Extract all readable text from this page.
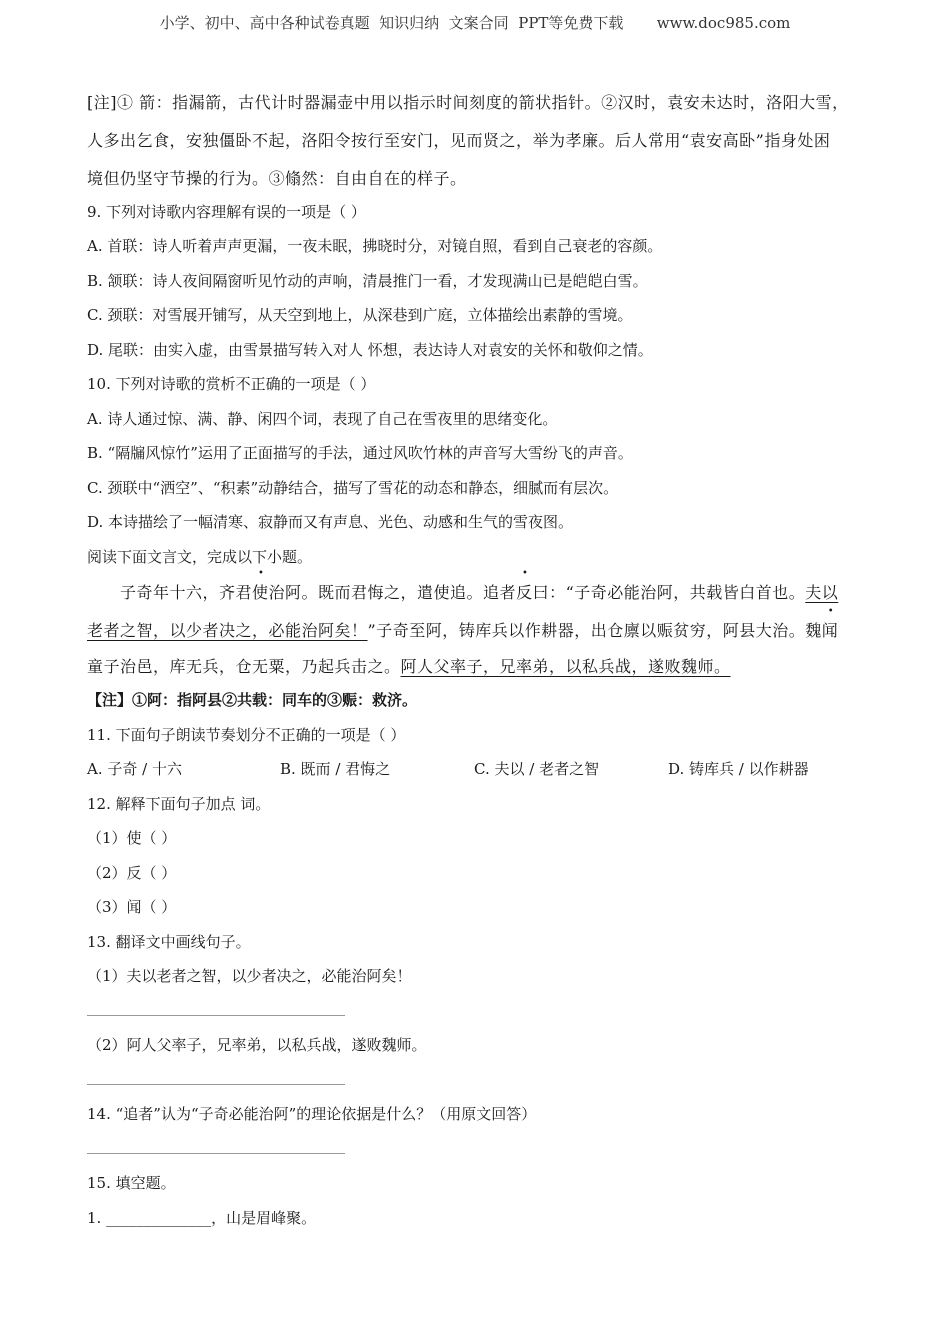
小学、初中、高中各种试卷真题  知识归纳  文案合同  PPT等免费下载       www.doc985.com
[注]① 箭：指漏箭，古代计时器漏壶中用以指示时间刻度的箭状指针。②汉时，袁安未达时，洛阳大雪，
人多出乞食，安独僵卧不起，洛阳令按行至安门，见而贤之，举为孝廉。后人常用“袁安高卧”指身处困
境但仍坚守节操的行为。③翛然：自由自在的样子。
9. 下列对诗歌内容理解有误的一项是（ ）
A. 首联：诗人听着声声更漏，一夜未眠，拂晓时分，对镜自照，看到自己衰老的容颜。
B. 颔联：诗人夜间隔窗听见竹动的声响，清晨推门一看，才发现满山已是皑皑白雪。
C. 颈联：对雪展开铺写，从天空到地上，从深巷到广庭，立体描绘出素静的雪境。
D. 尾联：由实入虚，由雪景描写转入对人 怀想，表达诗人对袁安的关怀和敬仰之情。
10. 下列对诗歌的赏析不正确的一项是（ ）
A. 诗人通过惊、满、静、闲四个词，表现了自己在雪夜里的思绪变化。
B. “隔牖风惊竹”运用了正面描写的手法，通过风吹竹林的声音写大雪纷飞的声音。
C. 颈联中“洒空”、“积素”动静结合，描写了雪花的动态和静态，细腻而有层次。
D. 本诗描绘了一幅清寒、寂静而又有声息、光色、动感和生气的雪夜图。
阅读下面文言文，完成以下小题。
子奇年十六，齐君使治阿。既而君悔之，遣使追。追者反曰：“子奇必能治阿，共载皆白首也。夫以
老者之智，以少者决之，必能治阿矣！”子奇至阿，铸库兵以作耕器，出仓廪以赈贫穷，阿县大治。魏闻
童子治邑，库无兵，仓无粟，乃起兵击之。阿人父率子，兄率弟，以私兵战，遂败魏师。
【注】①阿：指阿县②共载：同车的③赈：救济。
11. 下面句子朗读节奏划分不正确的一项是（ ）
A. 子奇 / 十六	B. 既而 / 君悔之	C. 夫以 / 老者之智	D. 铸库兵 / 以作耕器
12. 解释下面句子加点 词。
（1）使（ ）
（2）反（ ）
（3）闻（ ）
13. 翻译文中画线句子。
（1）夫以老者之智，以少者决之，必能治阿矣！
（2）阿人父率子，兄率弟，以私兵战，遂败魏师。
14. “追者”认为“子奇必能治阿”的理论依据是什么？（用原文回答）
15. 填空题。
1. ______________，山是眉峰聚。
